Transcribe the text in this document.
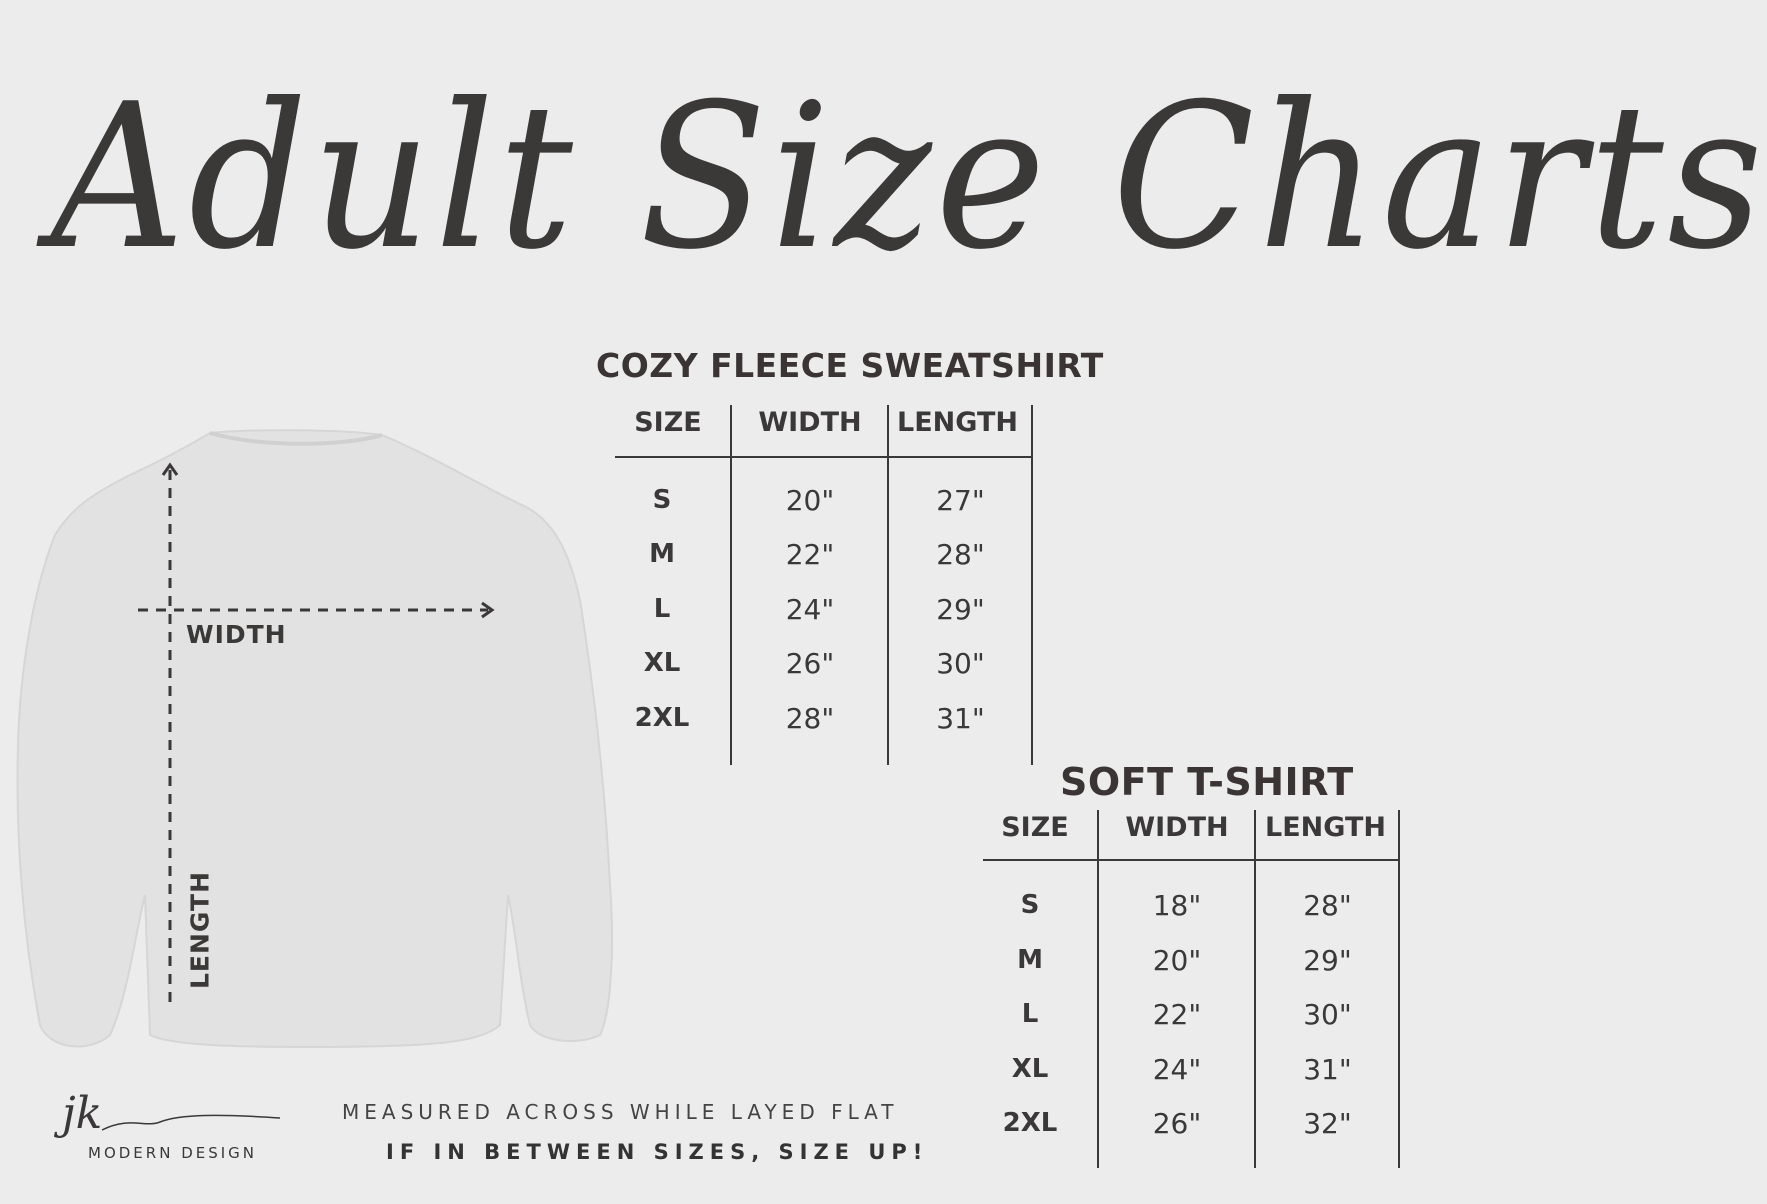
Adult Size Charts
WIDTH
LENGTH
COZY FLEECE SWEATSHIRT
SIZE	WIDTH	LENGTH
S	20"	27"
M	22"	28"
L	24"	29"
XL	26"	30"
2XL	28"	31"
SOFT T-SHIRT
SIZE	WIDTH	LENGTH
S	18"	28"
M	20"	29"
L	22"	30"
XL	24"	31"
2XL	26"	32"
MEASURED ACROSS WHILE LAYED FLAT
IF IN BETWEEN SIZES, SIZE UP!
jk
MODERN DESIGN
